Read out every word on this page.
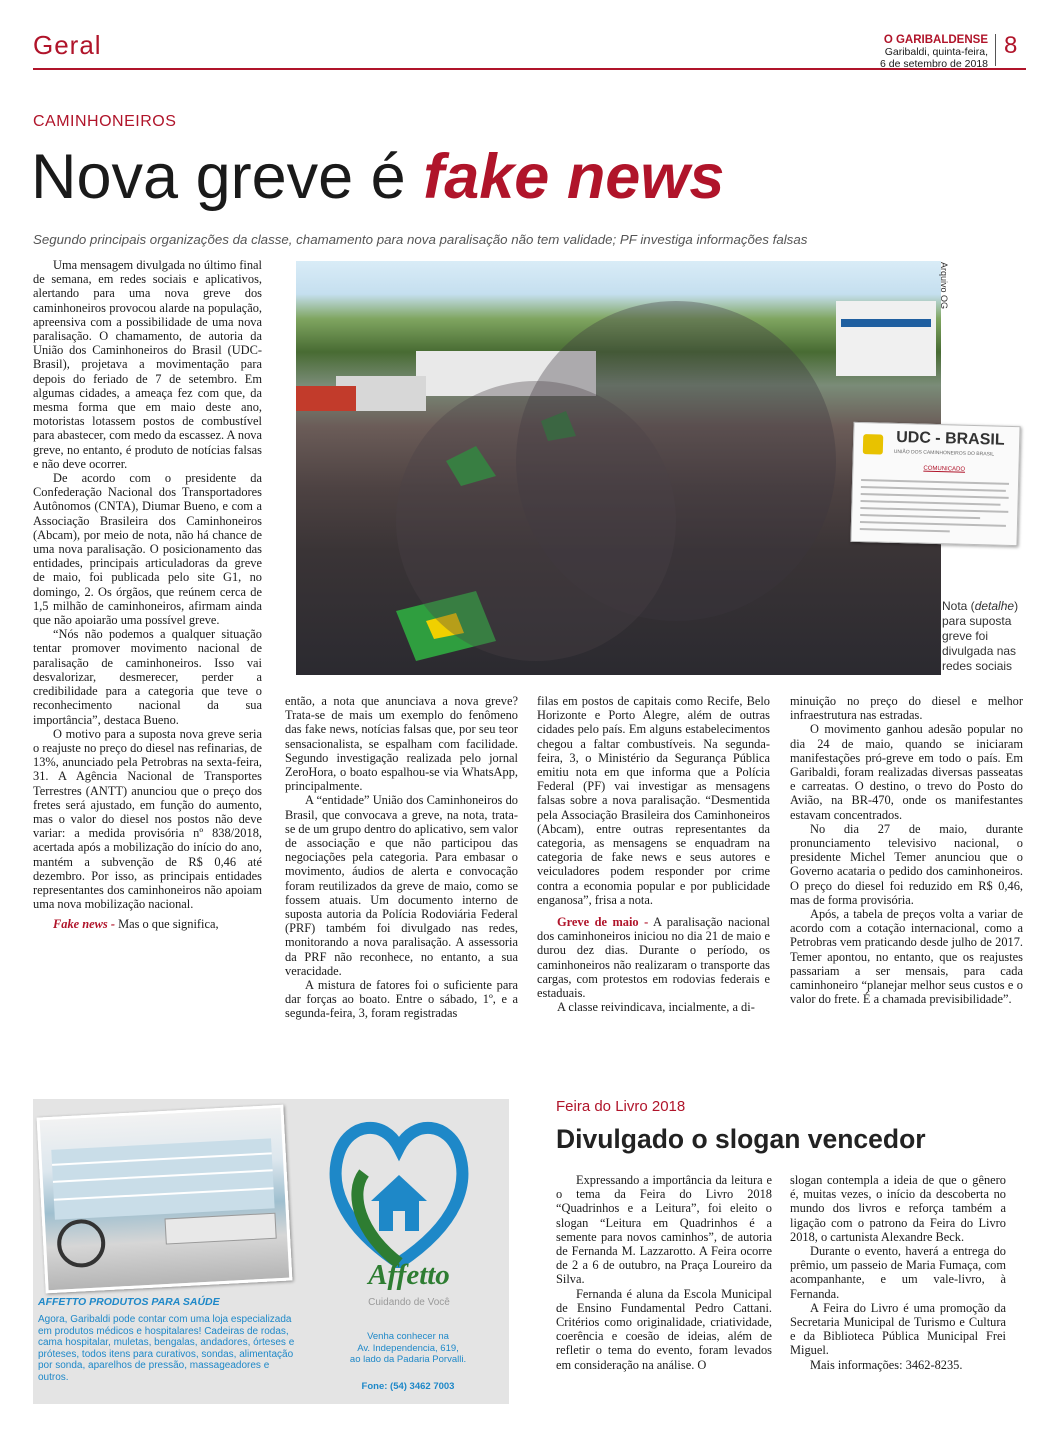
Geral	O GARIBALDENSE
Garibaldi, quinta-feira,
6 de setembro de 2018
8
CAMINHONEIROS
Nova greve é fake news
Segundo principais organizações da classe, chamamento para nova paralisação não tem validade; PF investiga informações falsas

Uma mensagem divulgada no último final de semana, em redes sociais e aplicativos, alertando para uma nova greve dos caminhoneiros provocou alarde na população, apreensiva com a possibilidade de uma nova paralisação. O chamamento, de autoria da União dos Caminhoneiros do Brasil (UDC-Brasil), projetava a movimentação para depois do feriado de 7 de setembro. Em algumas cidades, a ameaça fez com que, da mesma forma que em maio deste ano, motoristas lotassem postos de combustível para abastecer, com medo da escassez. A nova greve, no entanto, é produto de notícias falsas e não deve ocorrer.

De acordo com o presidente da Confederação Nacional dos Transportadores Autônomos (CNTA), Diumar Bueno, e com a Associação Brasileira dos Caminhoneiros (Abcam), por meio de nota, não há chance de uma nova paralisação. O posicionamento das entidades, principais articuladoras da greve de maio, foi publicada pelo site G1, no domingo, 2. Os órgãos, que reúnem cerca de 1,5 milhão de caminhoneiros, afirmam ainda que não apoiarão uma possível greve.

“Nós não podemos a qualquer situação tentar promover movimento nacional de paralisação de caminhoneiros. Isso vai desvalorizar, desmerecer, perder a credibilidade para a categoria que teve o reconhecimento nacional da sua importância”, destaca Bueno.

O motivo para a suposta nova greve seria o reajuste no preço do diesel nas refinarias, de 13%, anunciado pela Petrobras na sexta-feira, 31. A Agência Nacional de Transportes Terrestres (ANTT) anunciou que o preço dos fretes será ajustado, em função do aumento, mas o valor do diesel nos postos não deve variar: a medida provisória nº 838/2018, acertada após a mobilização do início do ano, mantém a subvenção de R$ 0,46 até dezembro. Por isso, as principais entidades representantes dos caminhoneiros não apoiam uma nova mobilização nacional.

Fake news - Mas o que significa,

Arquivo OG
UDC - BRASIL
UNIÃO DOS CAMINHONEIROS DO BRASIL
COMUNICADO
Nota (detalhe) para suposta greve foi divulgada nas redes sociais

então, a nota que anunciava a nova greve? Trata-se de mais um exemplo do fenômeno das fake news, notícias falsas que, por seu teor sensacionalista, se espalham com facilidade. Segundo investigação realizada pelo jornal ZeroHora, o boato espalhou-se via WhatsApp, principalmente.

A “entidade” União dos Caminhoneiros do Brasil, que convocava a greve, na nota, trata-se de um grupo dentro do aplicativo, sem valor de associação e que não participou das negociações pela categoria. Para embasar o movimento, áudios de alerta e convocação foram reutilizados da greve de maio, como se fossem atuais. Um documento interno de suposta autoria da Polícia Rodoviária Federal (PRF) também foi divulgado nas redes, monitorando a nova paralisação. A assessoria da PRF não reconhece, no entanto, a sua veracidade.

A mistura de fatores foi o suficiente para dar forças ao boato. Entre o sábado, 1º, e a segunda-feira, 3, foram registradas

filas em postos de capitais como Recife, Belo Horizonte e Porto Alegre, além de outras cidades pelo país. Em alguns estabelecimentos chegou a faltar combustíveis. Na segunda-feira, 3, o Ministério da Segurança Pública emitiu nota em que informa que a Polícia Federal (PF) vai investigar as mensagens falsas sobre a nova paralisação. “Desmentida pela Associação Brasileira dos Caminhoneiros (Abcam), entre outras representantes da categoria, as mensagens se enquadram na categoria de fake news e seus autores e veiculadores podem responder por crime contra a economia popular e por publicidade enganosa”, frisa a nota.

Greve de maio - A paralisação nacional dos caminhoneiros iniciou no dia 21 de maio e durou dez dias. Durante o período, os caminhoneiros não realizaram o transporte das cargas, com protestos em rodovias federais e estaduais.

A classe reivindicava, incialmente, a di-

minuição no preço do diesel e melhor infraestrutura nas estradas.

O movimento ganhou adesão popular no dia 24 de maio, quando se iniciaram manifestações pró-greve em todo o país. Em Garibaldi, foram realizadas diversas passeatas e carreatas. O destino, o trevo do Posto do Avião, na BR-470, onde os manifestantes estavam concentrados.

No dia 27 de maio, durante pronunciamento televisivo nacional, o presidente Michel Temer anunciou que o Governo acataria o pedido dos caminhoneiros. O preço do diesel foi reduzido em R$ 0,46, mas de forma provisória.

Após, a tabela de preços volta a variar de acordo com a cotação internacional, como a Petrobras vem praticando desde julho de 2017. Temer apontou, no entanto, que os reajustes passariam a ser mensais, para cada caminhoneiro “planejar melhor seus custos e o valor do frete. É a chamada previsibilidade”.

Affetto
Cuidando de Você
AFFETTO PRODUTOS PARA SAÚDE
Agora, Garibaldi pode contar com uma loja especializada em produtos médicos e hospitalares! Cadeiras de rodas, cama hospitalar, muletas, bengalas, andadores, órteses e próteses, todos itens para curativos, sondas, alimentação por sonda, aparelhos de pressão, massageadores e outros.
Venha conhecer na
Av. Independencia, 619,
ao lado da Padaria Porvalli.
Fone: (54) 3462 7003
Feira do Livro 2018
Divulgado o slogan vencedor

Expressando a importância da leitura e o tema da Feira do Livro 2018 “Quadrinhos e a Leitura”, foi eleito o slogan “Leitura em Quadrinhos é a semente para novos caminhos”, de autoria de Fernanda M. Lazzarotto. A Feira ocorre de 2 a 6 de outubro, na Praça Loureiro da Silva.

Fernanda é aluna da Escola Municipal de Ensino Fundamental Pedro Cattani. Critérios como originalidade, criatividade, coerência e coesão de ideias, além de refletir o tema do evento, foram levados em consideração na análise. O

slogan contempla a ideia de que o gênero é, muitas vezes, o início da descoberta no mundo dos livros e reforça também a ligação com o patrono da Feira do Livro 2018, o cartunista Alexandre Beck.

Durante o evento, haverá a entrega do prêmio, um passeio de Maria Fumaça, com acompanhante, e um vale-livro, à Fernanda.

A Feira do Livro é uma promoção da Secretaria Municipal de Turismo e Cultura e da Biblioteca Pública Municipal Frei Miguel.

Mais informações: 3462-8235.
